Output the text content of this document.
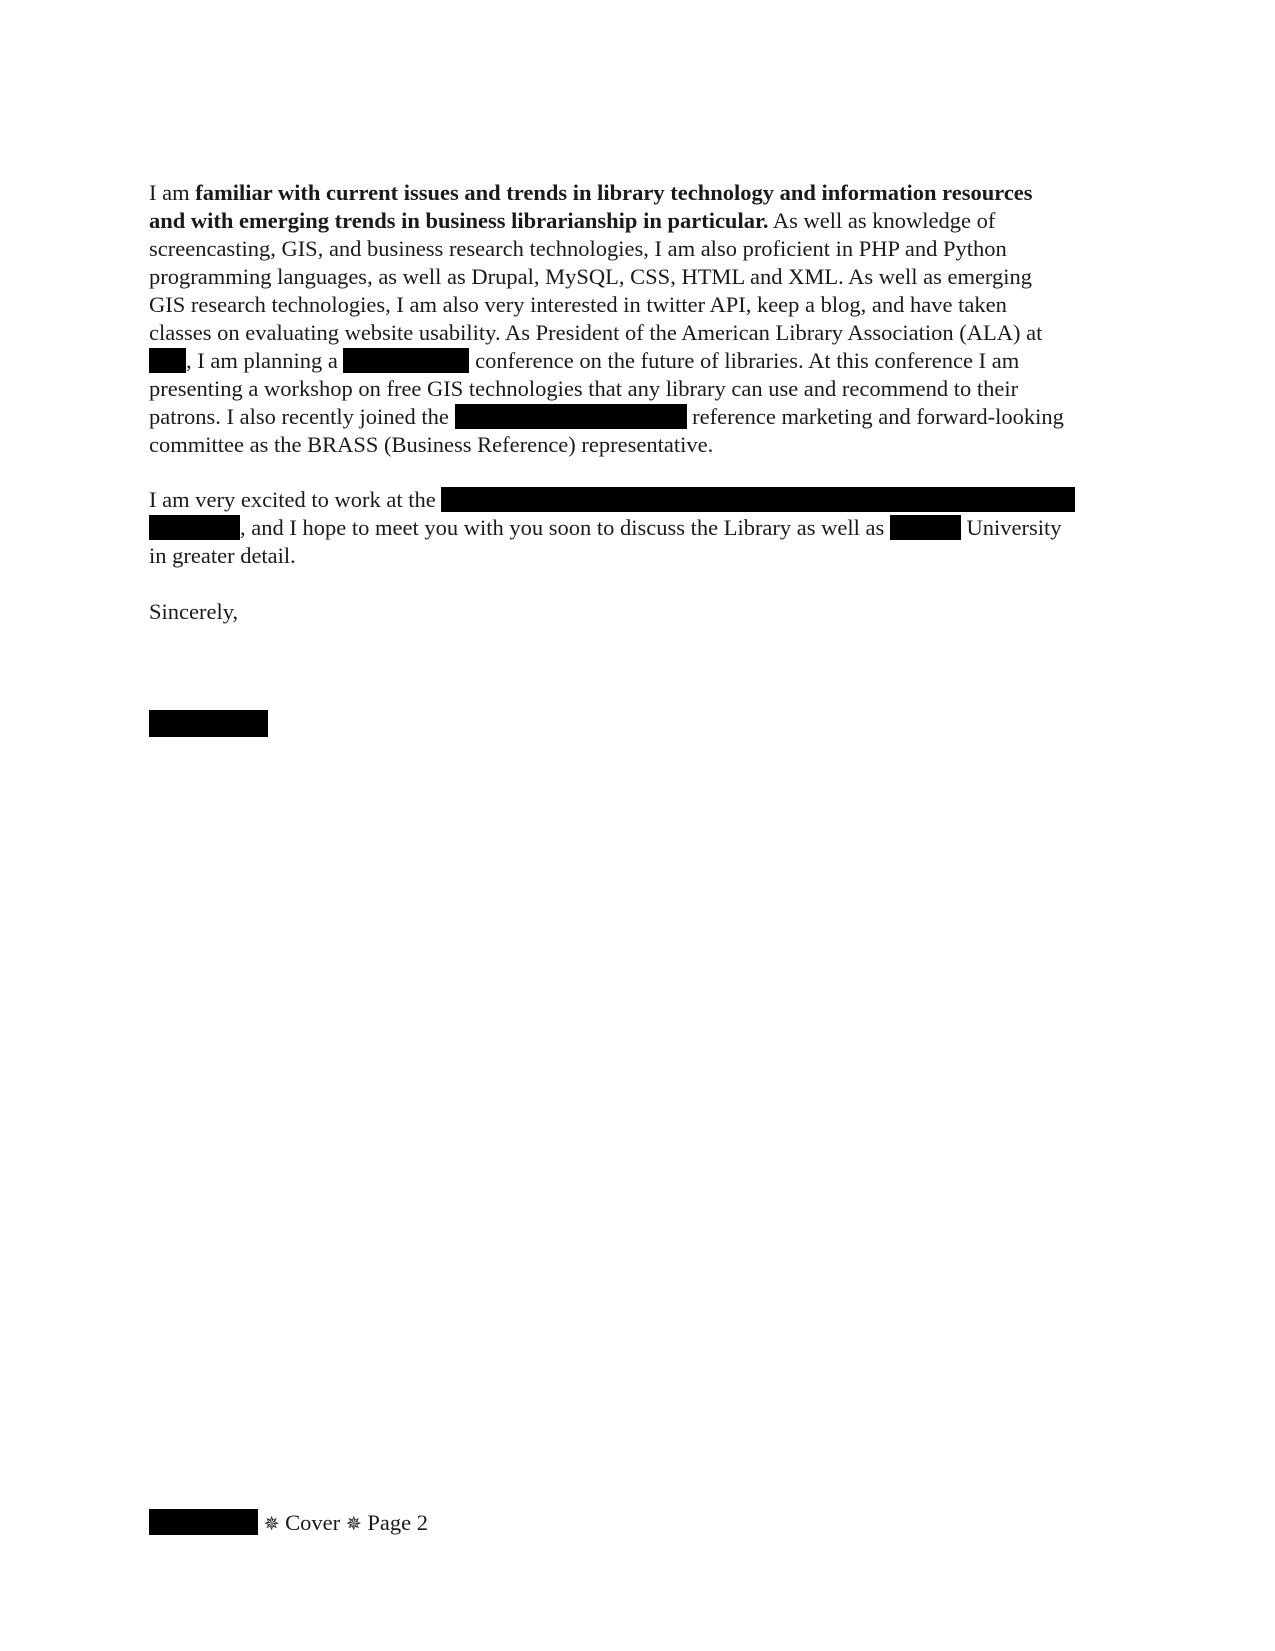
I am familiar with current issues and trends in library technology and information resources
and with emerging trends in business librarianship in particular. As well as knowledge of
screencasting, GIS, and business research technologies, I am also proficient in PHP and Python
programming languages, as well as Drupal, MySQL, CSS, HTML and XML. As well as emerging
GIS research technologies, I am also very interested in twitter API, keep a blog, and have taken
classes on evaluating website usability. As President of the American Library Association (ALA) at
, I am planning a	conference on the future of libraries. At this conference I am
presenting a workshop on free GIS technologies that any library can use and recommend to their
patrons. I also recently joined the	reference marketing and forward-looking
committee as the BRASS (Business Reference) representative.
I am very excited to work at the
, and I hope to meet you with you soon to discuss the Library as well as	University
in greater detail.
Sincerely,
✵ Cover ✵ Page 2
